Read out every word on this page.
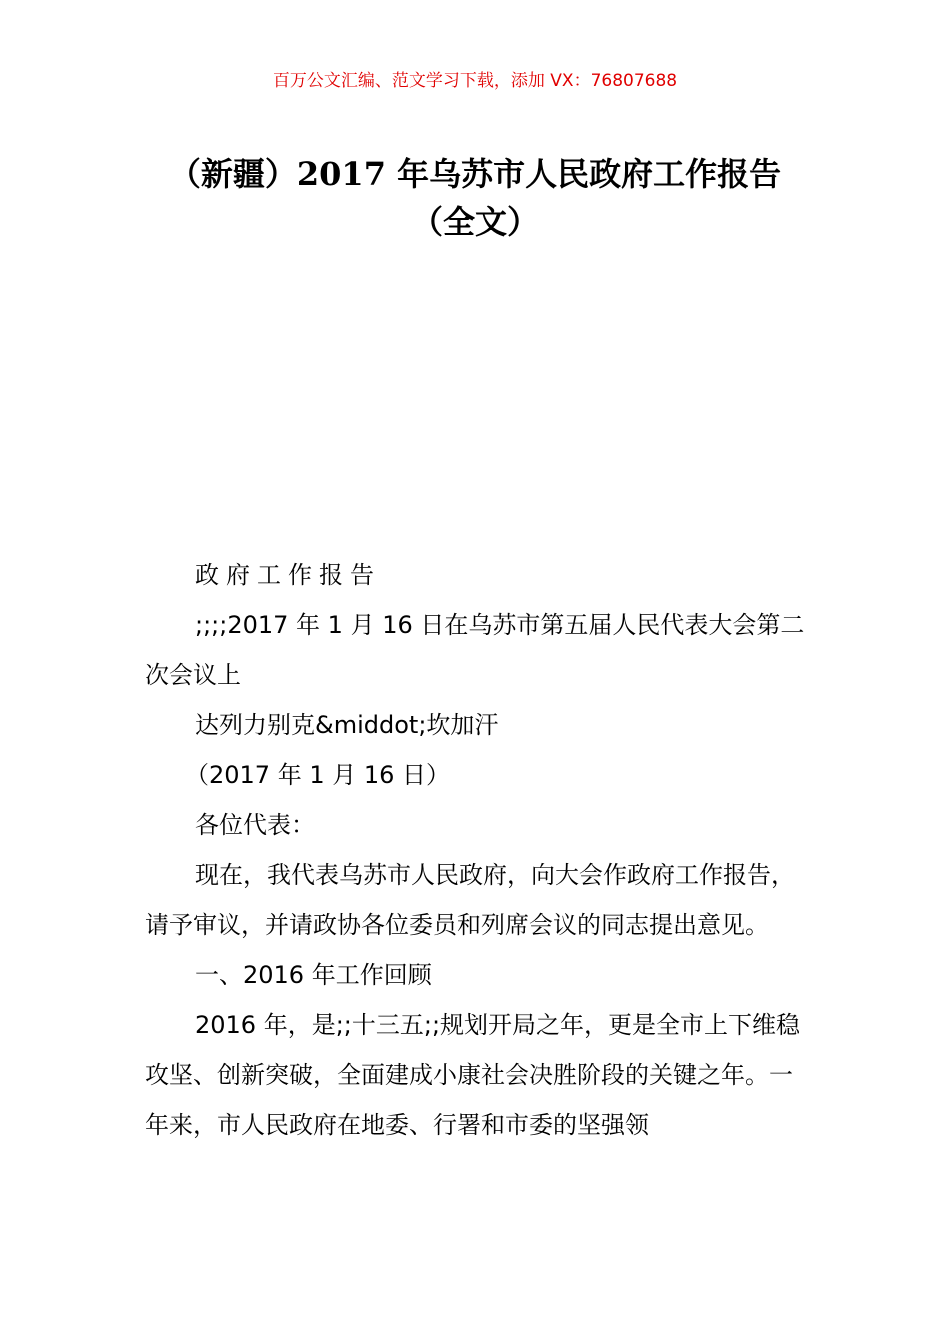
百万公文汇编、范文学习下载，添加 VX：76807688
（新疆）2017 年乌苏市人民政府工作报告
（全文）

政府工作报告

;;;;2017 年 1 月 16 日在乌苏市第五届人民代表大会第二次会议上

达列力别克&middot;坎加汗

（2017 年 1 月 16 日）

各位代表：

现在，我代表乌苏市人民政府，向大会作政府工作报告，请予审议，并请政协各位委员和列席会议的同志提出意见。

一、2016 年工作回顾

2016 年，是;;十三五;;规划开局之年，更是全市上下维稳攻坚、创新突破，全面建成小康社会决胜阶段的关键之年。一年来，市人民政府在地委、行署和市委的坚强领
